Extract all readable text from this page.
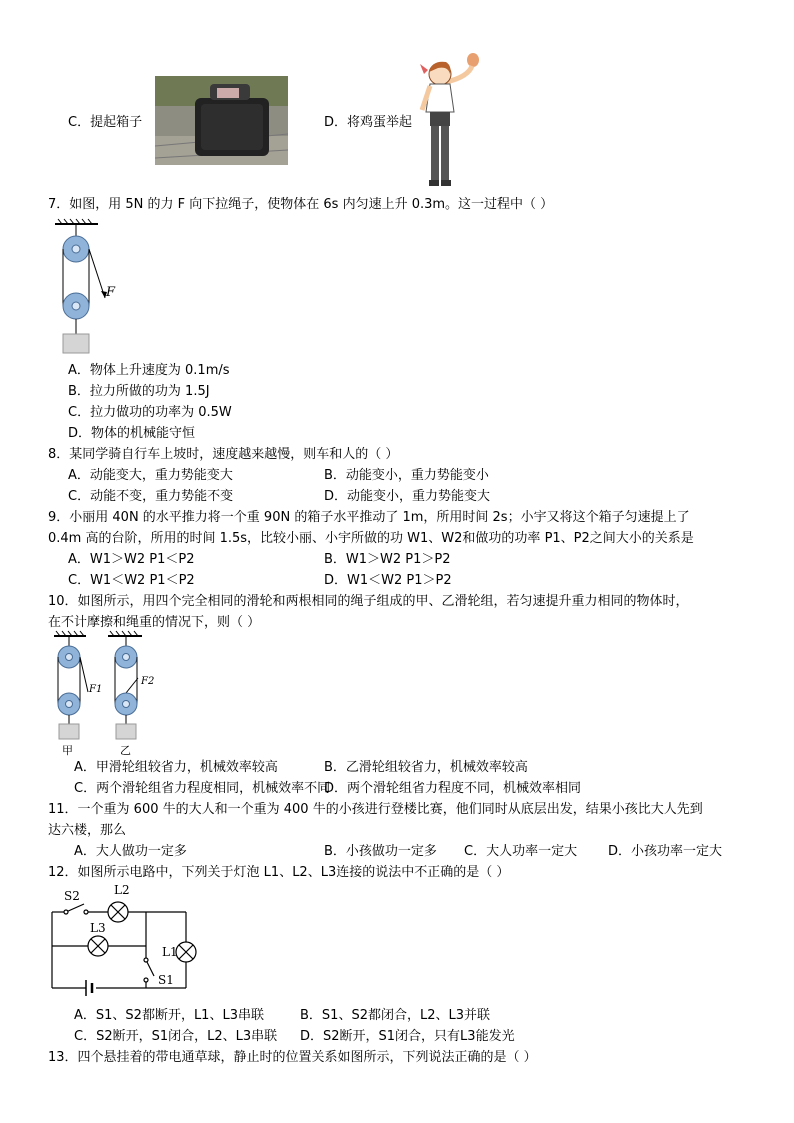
C．提起箱子	D．将鸡蛋举起
7．如图，用 5N 的力 F 向下拉绳子，使物体在 6s 内匀速上升 0.3m。这一过程中（ ）
F
A．物体上升速度为 0.1m/s
B．拉力所做的功为 1.5J
C．拉力做功的功率为 0.5W
D．物体的机械能守恒
8．某同学骑自行车上坡时，速度越来越慢，则车和人的（ ）
A．动能变大，重力势能变大	B．动能变小，重力势能变小
C．动能不变，重力势能不变	D．动能变小，重力势能变大
9．小丽用 40N 的水平推力将一个重 90N 的箱子水平推动了 1m，所用时间 2s；小宇又将这个箱子匀速提上了
0.4m 高的台阶，所用的时间 1.5s，比较小丽、小宇所做的功 W1、W2和做功的功率 P1、P2之间大小的关系是
A．W1＞W2 P1＜P2	B．W1＞W2 P1＞P2
C．W1＜W2 P1＜P2	D．W1＜W2 P1＞P2
10．如图所示，用四个完全相同的滑轮和两根相同的绳子组成的甲、乙滑轮组，若匀速提升重力相同的物体时，
在不计摩擦和绳重的情况下，则（ ）
F1
甲
F2
乙
A．甲滑轮组较省力，机械效率较高	B．乙滑轮组较省力，机械效率较高
C．两个滑轮组省力程度相同，机械效率不同
D．两个滑轮组省力程度不同，机械效率相同
11．一个重为 600 牛的大人和一个重为 400 牛的小孩进行登楼比赛，他们同时从底层出发，结果小孩比大人先到
达六楼，那么
A．大人做功一定多	B．小孩做功一定多 C．大人功率一定大 D．小孩功率一定大
12．如图所示电路中，下列关于灯泡 L1、L2、L3连接的说法中不正确的是（ ）
S2	L2
L3
L1
S1
A．S1、S2都断开，L1、L3串联	B．S1、S2都闭合，L2、L3并联
C．S2断开，S1闭合，L2、L3串联 D．S2断开，S1闭合，只有L3能发光
13．四个悬挂着的带电通草球，静止时的位置关系如图所示，下列说法正确的是（ ）
